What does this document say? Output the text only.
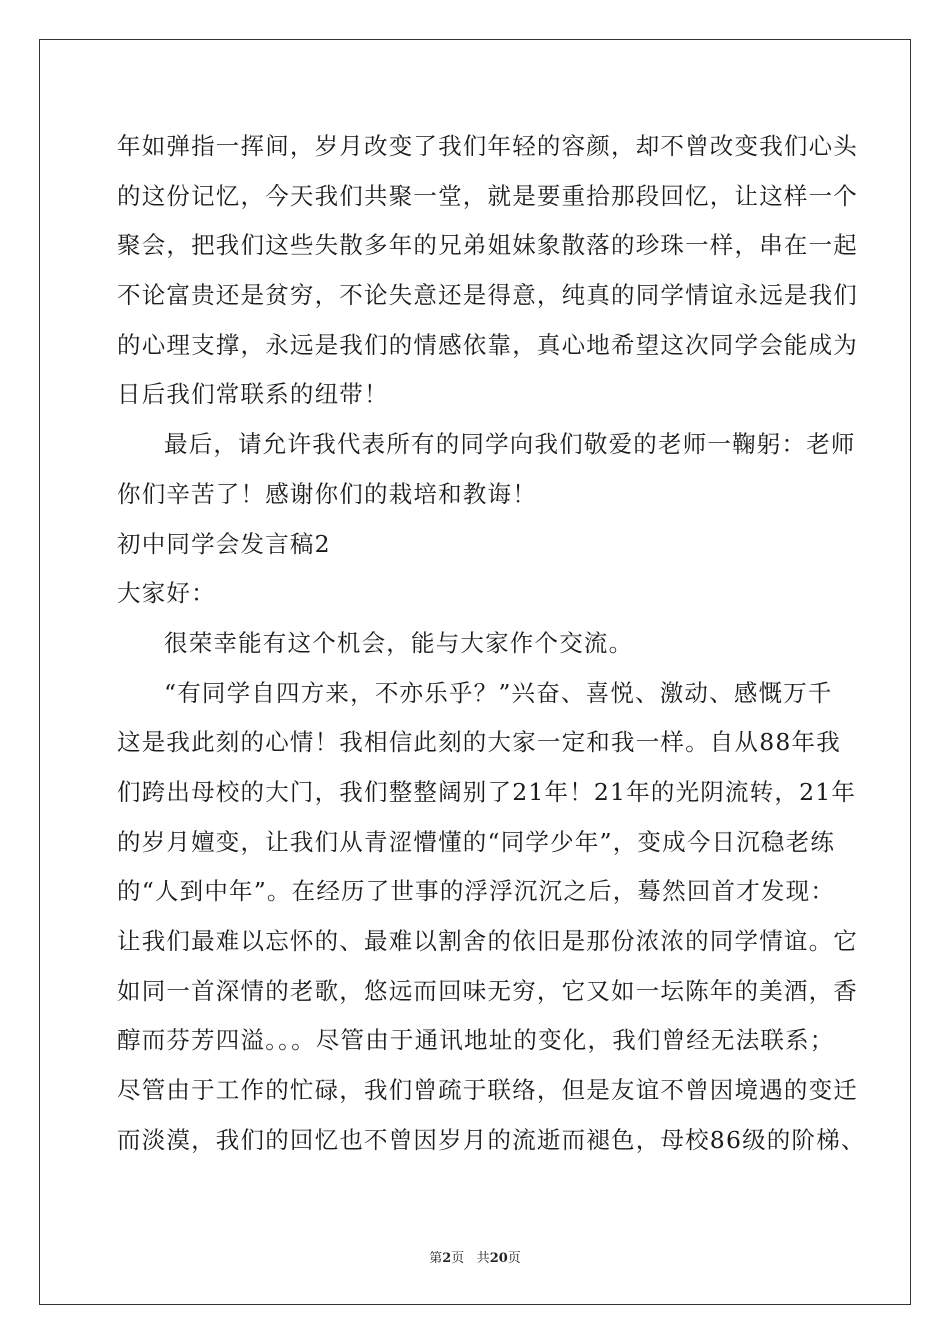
年如弹指一挥间，岁月改变了我们年轻的容颜，却不曾改变我们心头
的这份记忆，今天我们共聚一堂，就是要重拾那段回忆，让这样一个
聚会，把我们这些失散多年的兄弟姐妹象散落的珍珠一样，串在一起
不论富贵还是贫穷，不论失意还是得意，纯真的同学情谊永远是我们
的心理支撑，永远是我们的情感依靠，真心地希望这次同学会能成为
日后我们常联系的纽带！
最后，请允许我代表所有的同学向我们敬爱的老师一鞠躬：老师
你们辛苦了！感谢你们的栽培和教诲！
初中同学会发言稿2
大家好：
很荣幸能有这个机会，能与大家作个交流。
“有同学自四方来，不亦乐乎？”兴奋、喜悦、激动、感慨万千
这是我此刻的心情！我相信此刻的大家一定和我一样。自从88年我
们跨出母校的大门，我们整整阔别了21年！21年的光阴流转，21年
的岁月嬗变，让我们从青涩懵懂的“同学少年”，变成今日沉稳老练
的“人到中年”。在经历了世事的浮浮沉沉之后，蓦然回首才发现：
让我们最难以忘怀的、最难以割舍的依旧是那份浓浓的同学情谊。它
如同一首深情的老歌，悠远而回味无穷，它又如一坛陈年的美酒，香
醇而芬芳四溢。。。尽管由于通讯地址的变化，我们曾经无法联系；
尽管由于工作的忙碌，我们曾疏于联络，但是友谊不曾因境遇的变迁
而淡漠，我们的回忆也不曾因岁月的流逝而褪色，母校86级的阶梯、
第2页 共20页
